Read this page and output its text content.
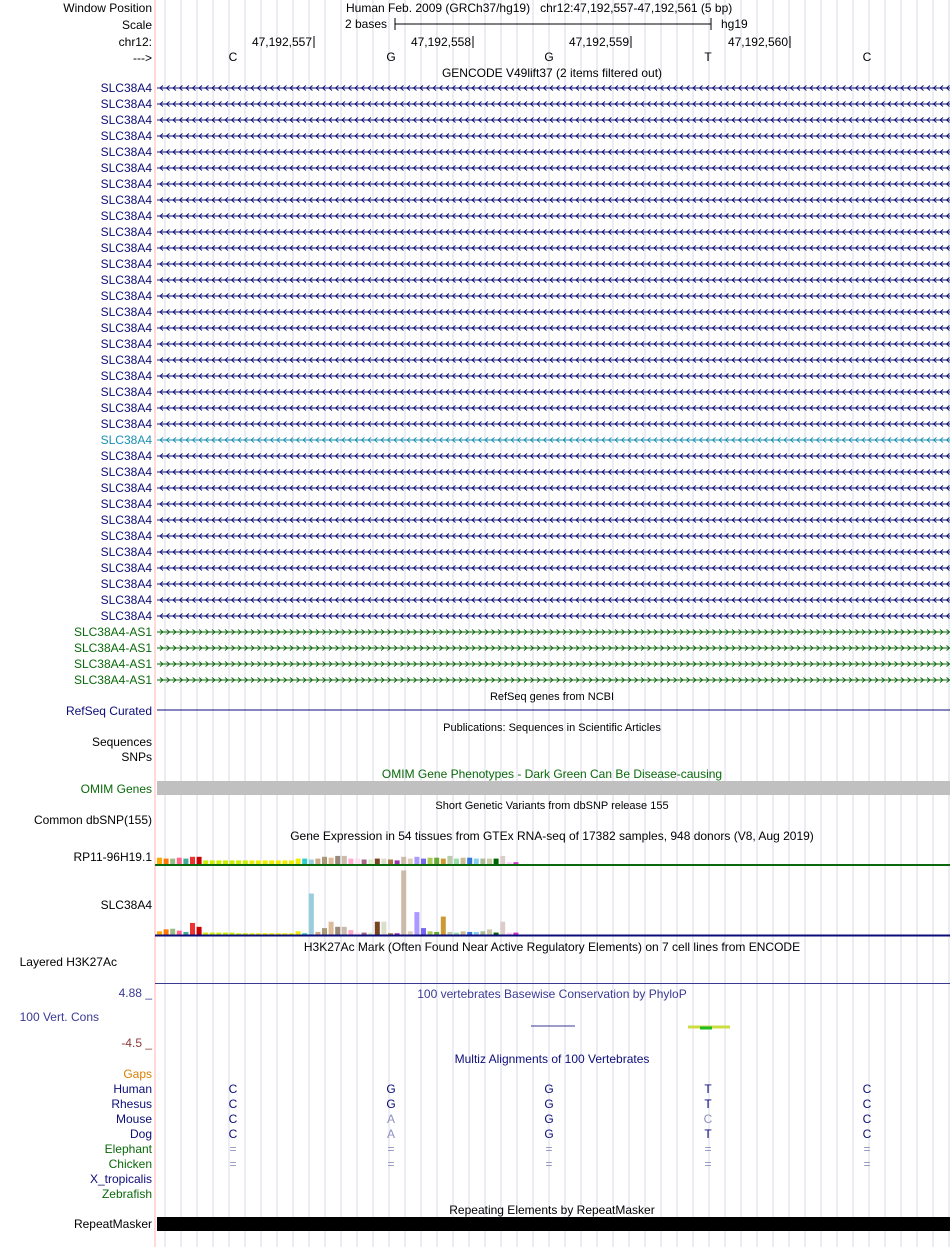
Window Position	Human Feb. 2009 (GRCh37/hg19)   chr12:47,192,557-47,192,561 (5 bp)
Scale	2 bases	hg19
chr12:	47,192,557	47,192,558	47,192,559	47,192,560
--->	C	G	G	T	C
GENCODE V49lift37 (2 items filtered out)
SLC38A4
SLC38A4
SLC38A4
SLC38A4
SLC38A4
SLC38A4
SLC38A4
SLC38A4
SLC38A4
SLC38A4
SLC38A4
SLC38A4
SLC38A4
SLC38A4
SLC38A4
SLC38A4
SLC38A4
SLC38A4
SLC38A4
SLC38A4
SLC38A4
SLC38A4
SLC38A4
SLC38A4
SLC38A4
SLC38A4
SLC38A4
SLC38A4
SLC38A4
SLC38A4
SLC38A4
SLC38A4
SLC38A4
SLC38A4
SLC38A4-AS1
SLC38A4-AS1
SLC38A4-AS1
SLC38A4-AS1
RefSeq genes from NCBI
RefSeq Curated
Publications: Sequences in Scientific Articles
Sequences
SNPs
OMIM Gene Phenotypes - Dark Green Can Be Disease-causing
OMIM Genes
Short Genetic Variants from dbSNP release 155
Common dbSNP(155)
Gene Expression in 54 tissues from GTEx RNA-seq of 17382 samples, 948 donors (V8, Aug 2019)
RP11-96H19.1
SLC38A4
H3K27Ac Mark (Often Found Near Active Regulatory Elements) on 7 cell lines from ENCODE
Layered H3K27Ac
100 vertebrates Basewise Conservation by PhyloP
4.88 _
100 Vert. Cons
-4.5 _
Multiz Alignments of 100 Vertebrates
Gaps
Human	C	G	G	T	C
Rhesus	C	G	G	T	C
Mouse	C	A	G	C	C
Dog	C	A	G	T	C
Elephant	=	=	=	=	=
Chicken	=	=	=	=	=
X_tropicalis
Zebrafish
Repeating Elements by RepeatMasker
RepeatMasker
